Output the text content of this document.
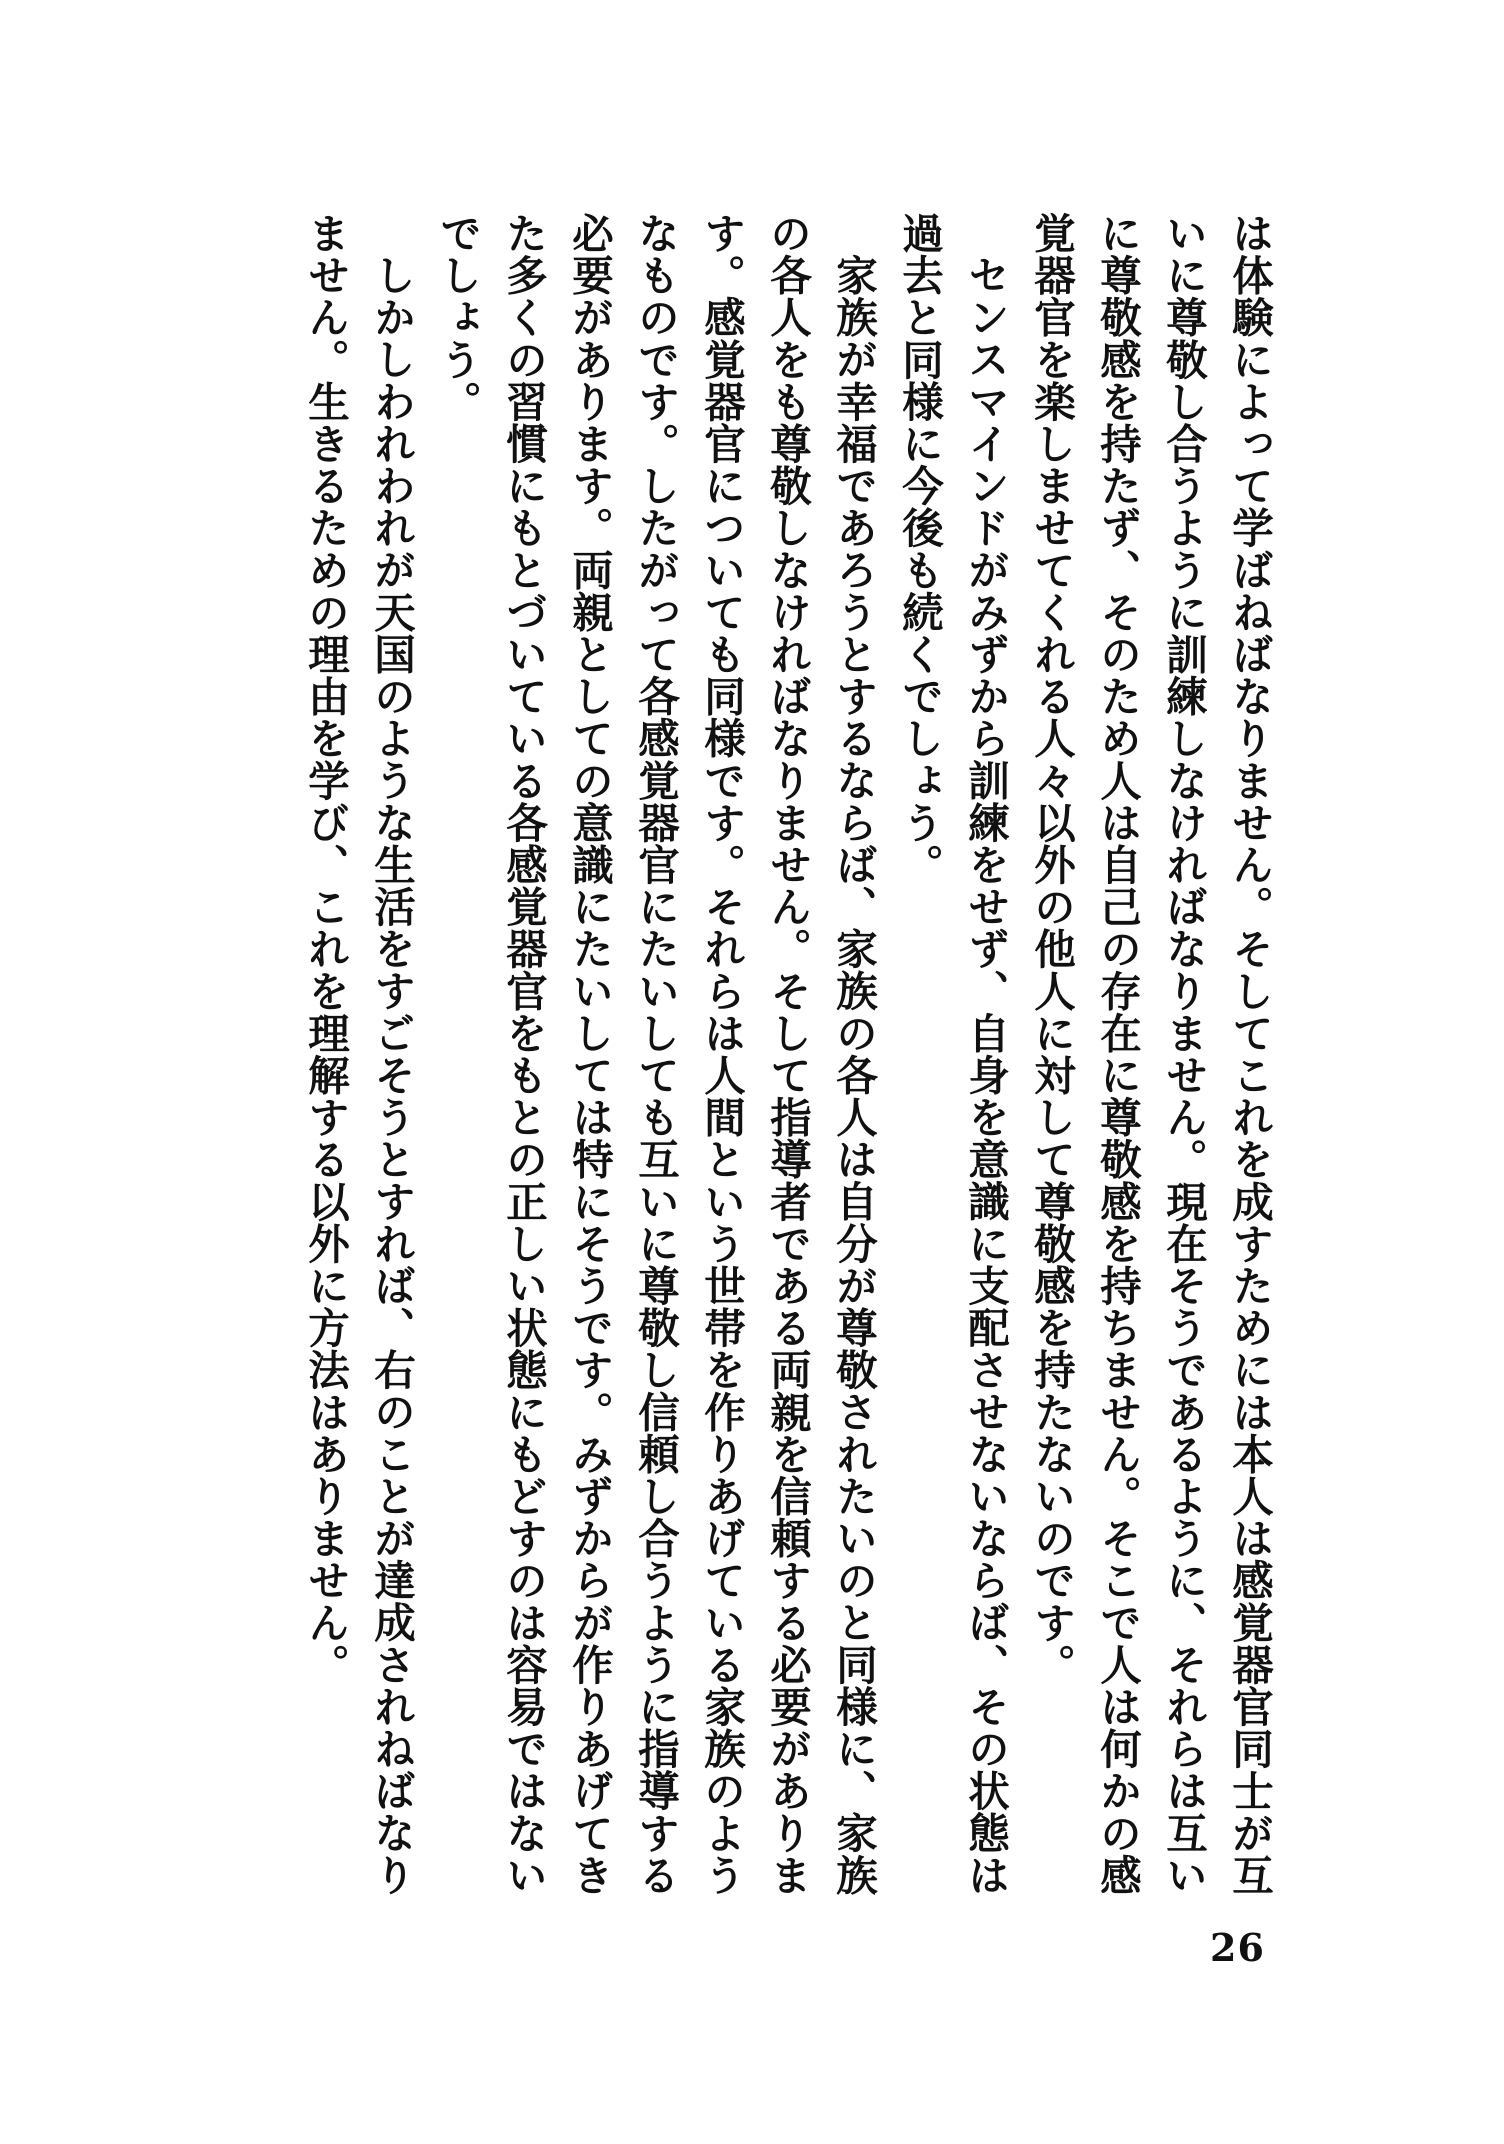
は体験によって学ばねばなりません。そしてこれを成すためには本人は感覚器官同士が互いに尊敬し合うように訓練しなければなりません。現在そうであるように、それらは互いに尊敬感を持たず、そのため人は自己の存在に尊敬感を持ちません。そこで人は何かの感覚器官を楽しませてくれる人々以外の他人に対して尊敬感を持たないのです。

センスマインドがみずから訓練をせず、自身を意識に支配させないならば、その状態は過去と同様に今後も続くでしょう。

家族が幸福であろうとするならば、家族の各人は自分が尊敬されたいのと同様に、家族の各人をも尊敬しなければなりません。そして指導者である両親を信頼する必要があります。感覚器官についても同様です。それらは人間という世帯を作りあげている家族のようなものです。したがって各感覚器官にたいしても互いに尊敬し信頼し合うように指導する必要があります。両親としての意識にたいしては特にそうです。みずからが作りあげてきた多くの習慣にもとづいている各感覚器官をもとの正しい状態にもどすのは容易ではないでしょう。

しかしわれわれが天国のような生活をすごそうとすれば、右のことが達成されねばなりません。生きるための理由を学び、これを理解する以外に方法はありません。

26
